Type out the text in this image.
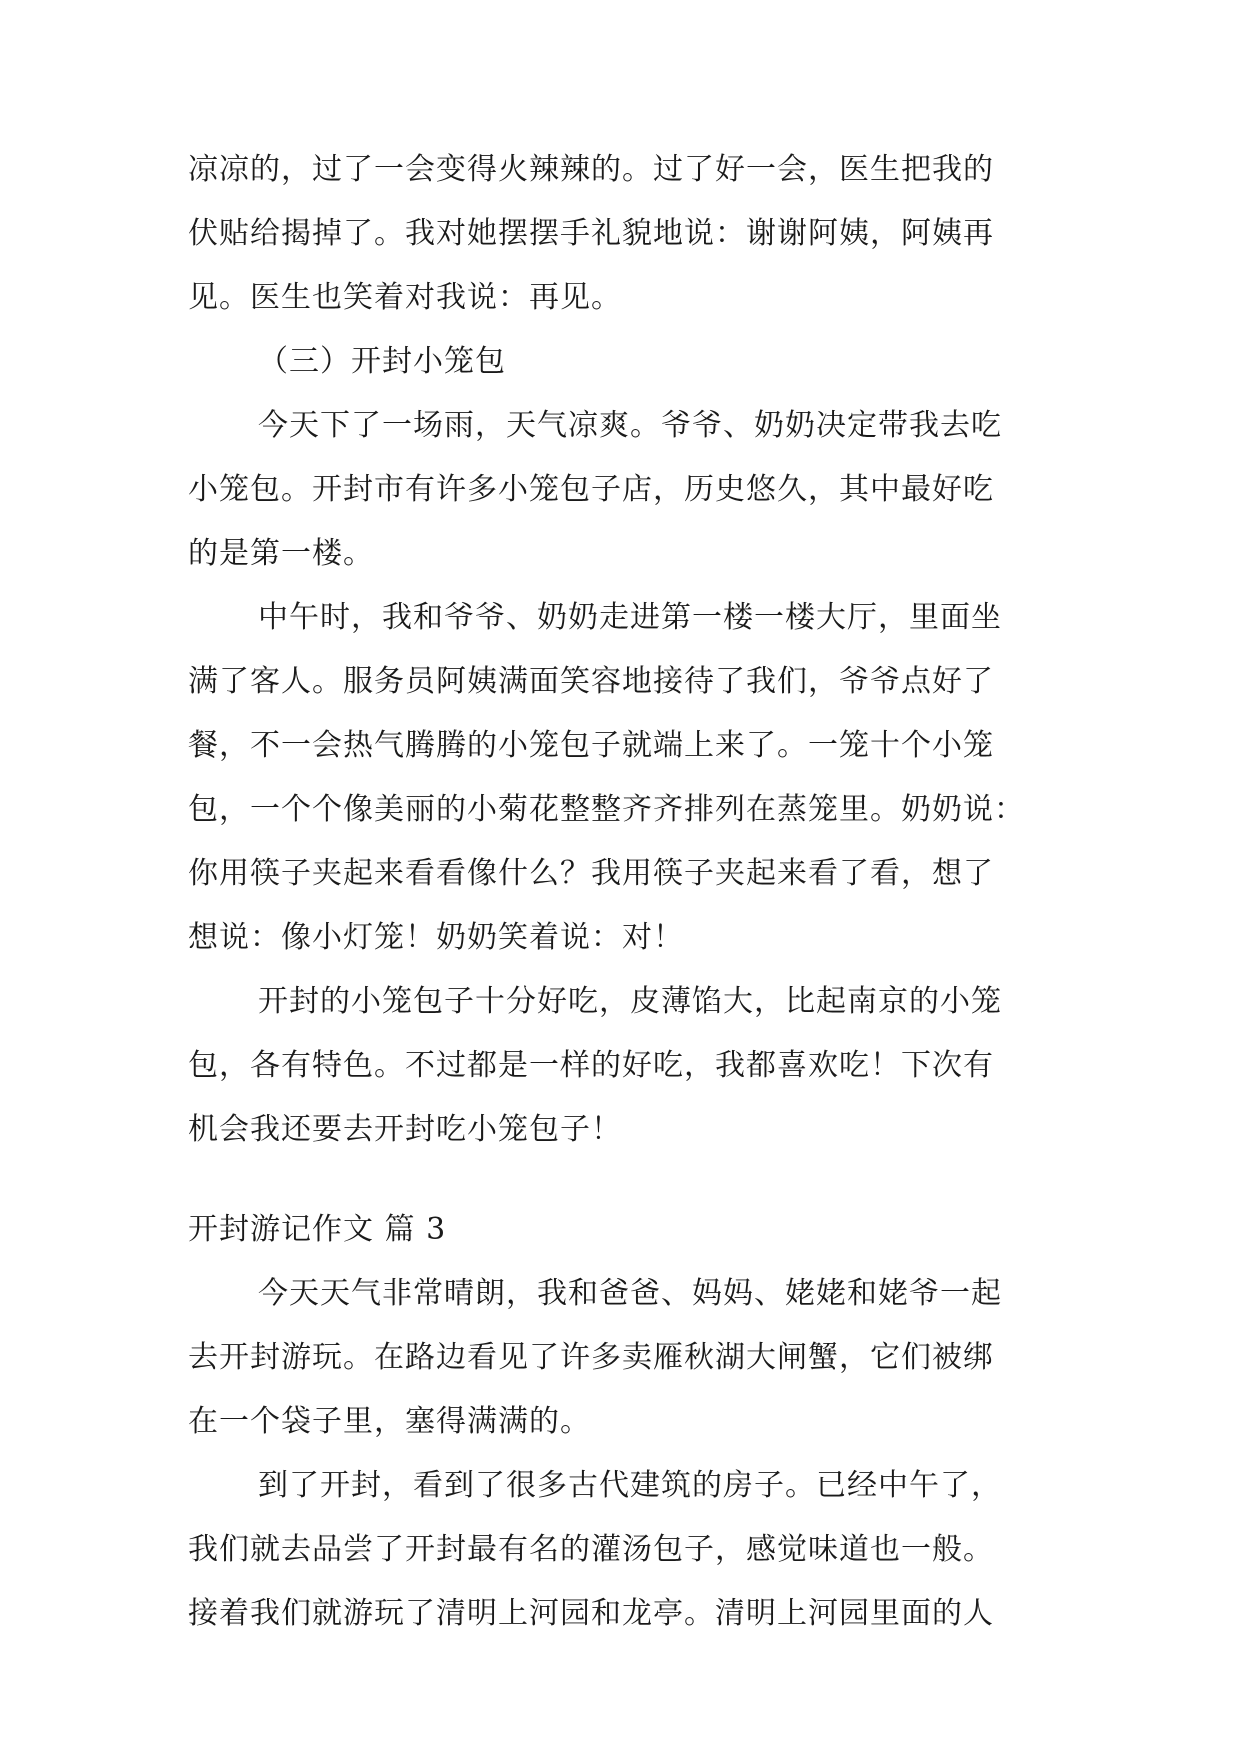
凉凉的，过了一会变得火辣辣的。过了好一会，医生把我的
伏贴给揭掉了。我对她摆摆手礼貌地说：谢谢阿姨，阿姨再
见。医生也笑着对我说：再见。
（三）开封小笼包
今天下了一场雨，天气凉爽。爷爷、奶奶决定带我去吃
小笼包。开封市有许多小笼包子店，历史悠久，其中最好吃
的是第一楼。
中午时，我和爷爷、奶奶走进第一楼一楼大厅，里面坐
满了客人。服务员阿姨满面笑容地接待了我们，爷爷点好了
餐，不一会热气腾腾的小笼包子就端上来了。一笼十个小笼
包，一个个像美丽的小菊花整整齐齐排列在蒸笼里。奶奶说：
你用筷子夹起来看看像什么？我用筷子夹起来看了看，想了
想说：像小灯笼！奶奶笑着说：对！
开封的小笼包子十分好吃，皮薄馅大，比起南京的小笼
包，各有特色。不过都是一样的好吃，我都喜欢吃！下次有
机会我还要去开封吃小笼包子！
开封游记作文 篇 3
今天天气非常晴朗，我和爸爸、妈妈、姥姥和姥爷一起
去开封游玩。在路边看见了许多卖雁秋湖大闸蟹，它们被绑
在一个袋子里，塞得满满的。
到了开封，看到了很多古代建筑的房子。已经中午了，
我们就去品尝了开封最有名的灌汤包子，感觉味道也一般。
接着我们就游玩了清明上河园和龙亭。清明上河园里面的人
